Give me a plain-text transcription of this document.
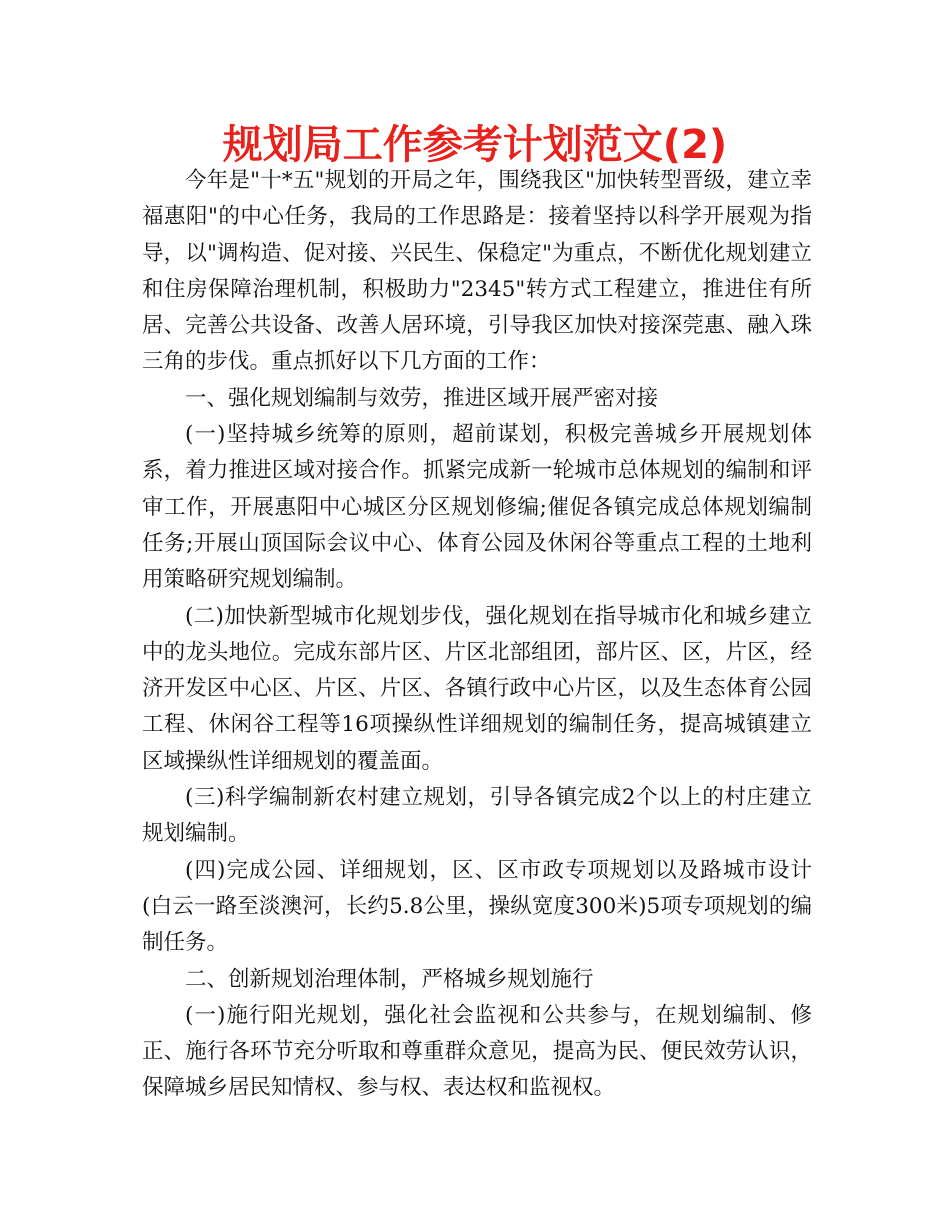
规划局工作参考计划范文(2)

今年是"十*五"规划的开局之年，围绕我区"加快转型晋级，建立幸福惠阳"的中心任务，我局的工作思路是：接着坚持以科学开展观为指导，以"调构造、促对接、兴民生、保稳定"为重点，不断优化规划建立和住房保障治理机制，积极助力"2345"转方式工程建立，推进住有所居、完善公共设备、改善人居环境，引导我区加快对接深莞惠、融入珠三角的步伐。重点抓好以下几方面的工作：

一、强化规划编制与效劳，推进区域开展严密对接

(一)坚持城乡统筹的原则，超前谋划，积极完善城乡开展规划体系，着力推进区域对接合作。抓紧完成新一轮城市总体规划的编制和评审工作，开展惠阳中心城区分区规划修编;催促各镇完成总体规划编制任务;开展山顶国际会议中心、体育公园及休闲谷等重点工程的土地利用策略研究规划编制。

(二)加快新型城市化规划步伐，强化规划在指导城市化和城乡建立中的龙头地位。完成东部片区、片区北部组团，部片区、区，片区，经济开发区中心区、片区、片区、各镇行政中心片区，以及生态体育公园工程、休闲谷工程等16项操纵性详细规划的编制任务，提高城镇建立区域操纵性详细规划的覆盖面。

(三)科学编制新农村建立规划，引导各镇完成2个以上的村庄建立规划编制。

(四)完成公园、详细规划，区、区市政专项规划以及路城市设计(白云一路至淡澳河，长约5.8公里，操纵宽度300米)5项专项规划的编制任务。

二、创新规划治理体制，严格城乡规划施行

(一)施行阳光规划，强化社会监视和公共参与，在规划编制、修正、施行各环节充分听取和尊重群众意见，提高为民、便民效劳认识，保障城乡居民知情权、参与权、表达权和监视权。
